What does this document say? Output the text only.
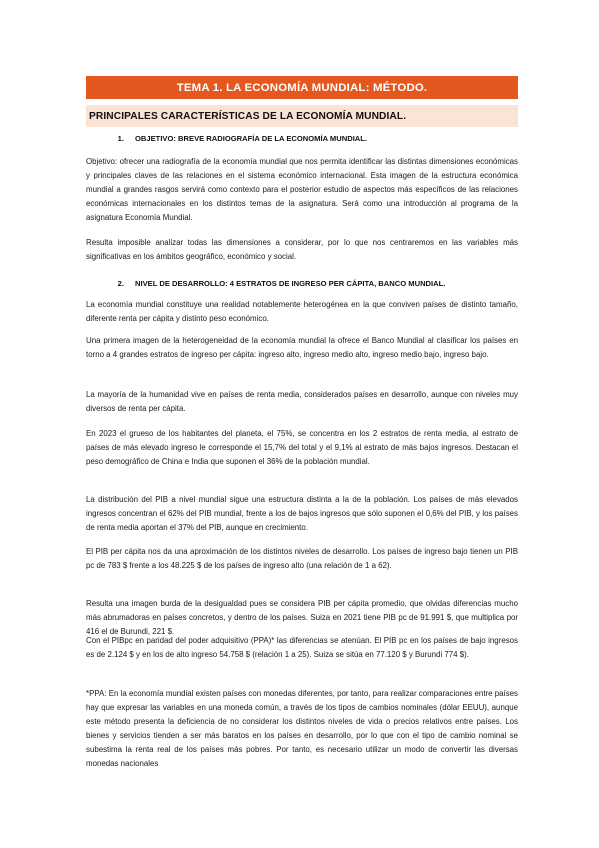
TEMA 1. LA ECONOMÍA MUNDIAL: MÉTODO.
PRINCIPALES CARACTERÍSTICAS DE LA ECONOMÍA MUNDIAL.
1. OBJETIVO: BREVE RADIOGRAFÍA DE LA ECONOMÍA MUNDIAL.
Objetivo: ofrecer una radiografía de la economía mundial que nos permita identificar las distintas dimensiones económicas y principales claves de las relaciones en el sistema económico internacional. Esta imagen de la estructura económica mundial a grandes rasgos servirá como contexto para el posterior estudio de aspectos más específicos de las relaciones económicas internacionales en los distintos temas de la asignatura. Será como una introducción al programa de la asignatura Economía Mundial.
Resulta imposible analizar todas las dimensiones a considerar, por lo que nos centraremos en las variables más significativas en los ámbitos geográfico, económico y social.
2. NIVEL DE DESARROLLO: 4 ESTRATOS DE INGRESO PER CÁPITA, BANCO MUNDIAL.
La economía mundial constituye una realidad notablemente heterogénea en la que conviven países de distinto tamaño, diferente renta per cápita y distinto peso económico.
Una primera imagen de la heterogeneidad de la economía mundial la ofrece el Banco Mundial al clasificar los países en torno a 4 grandes estratos de ingreso per cápita: ingreso alto, ingreso medio alto, ingreso medio bajo, ingreso bajo.
La mayoría de la humanidad vive en países de renta media, considerados países en desarrollo, aunque con niveles muy diversos de renta per cápita.
En 2023 el grueso de los habitantes del planeta, el 75%, se concentra en los 2 estratos de renta media, al estrato de países de más elevado ingreso le corresponde el 15,7% del total y el 9,1% al estrato de más bajos ingresos. Destacan el peso demográfico de China e India que suponen el 36% de la población mundial.
La distribución del PIB a nivel mundial sigue una estructura distinta a la de la población. Los países de más elevados ingresos concentran el 62% del PIB mundial, frente a los de bajos ingresos que sólo suponen el 0,6% del PIB, y los países de renta media aportan el 37% del PIB, aunque en crecimiento.
El PIB per cápita nos da una aproximación de los distintos niveles de desarrollo. Los países de ingreso bajo tienen un PIB pc de 783 $ frente a los 48.225 $ de los países de ingreso alto (una relación de 1 a 62).
Resulta una imagen burda de la desigualdad pues se considera PIB per cápita promedio, que olvidas diferencias mucho más abrumadoras en países concretos, y dentro de los países. Suiza en 2021 tiene PIB pc de 91.991 $, que multiplica por 416 el de Burundi, 221 $.
Con el PIBpc en paridad del poder adquisitivo (PPA)* las diferencias se atenúan. El PIB pc en los países de bajo ingresos es de 2.124 $ y en los de alto ingreso 54.758 $ (relación 1 a 25). Suiza se sitúa en 77.120 $ y Burundi 774 $).
*PPA: En la economía mundial existen países con monedas diferentes, por tanto, para realizar comparaciones entre países hay que expresar las variables en una moneda común, a través de los tipos de cambios nominales (dólar EEUU), aunque este método presenta la deficiencia de no considerar los distintos niveles de vida o precios relativos entre países. Los bienes y servicios tienden a ser más baratos en los países en desarrollo, por lo que con el tipo de cambio nominal se subestima la renta real de los países más pobres. Por tanto, es necesario utilizar un modo de convertir las diversas monedas nacionales
